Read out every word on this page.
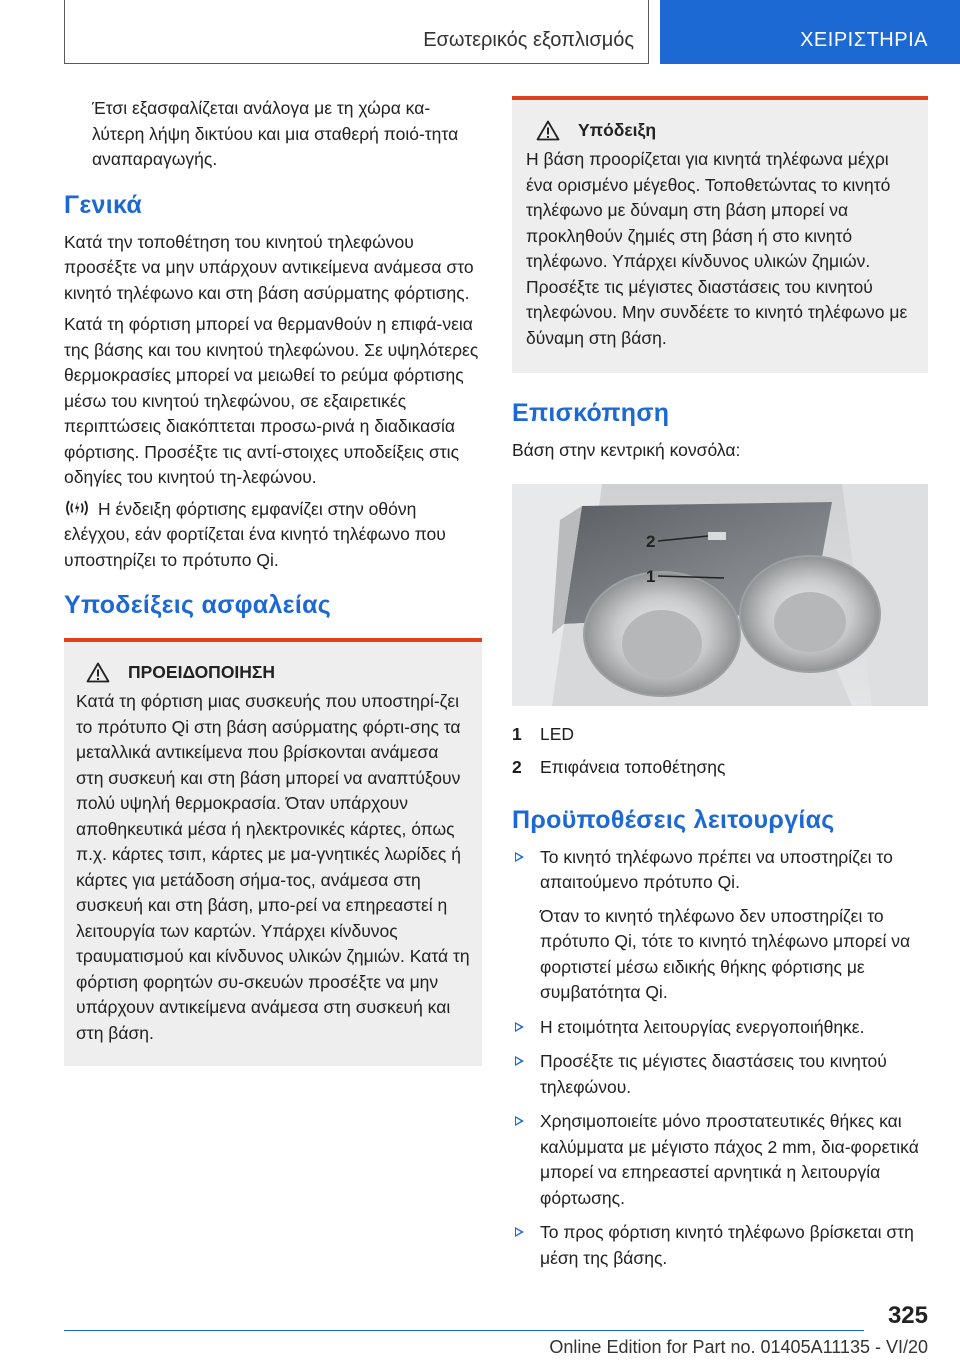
Εσωτερικός εξοπλισμός	ΧΕΙΡΙΣΤΗΡΙΑ

Έτσι εξασφαλίζεται ανάλογα με τη χώρα κα-λύτερη λήψη δικτύου και μια σταθερή ποιό-τητα αναπαραγωγής.

Γενικά

Κατά την τοποθέτηση του κινητού τηλεφώνου προσέξτε να μην υπάρχουν αντικείμενα ανάμεσα στο κινητό τηλέφωνο και στη βάση ασύρματης φόρτισης.

Κατά τη φόρτιση μπορεί να θερμανθούν η επιφά-νεια της βάσης και του κινητού τηλεφώνου. Σε υψηλότερες θερμοκρασίες μπορεί να μειωθεί το ρεύμα φόρτισης μέσω του κινητού τηλεφώνου, σε εξαιρετικές περιπτώσεις διακόπτεται προσω-ρινά η διαδικασία φόρτισης. Προσέξτε τις αντί-στοιχες υποδείξεις στις οδηγίες του κινητού τη-λεφώνου.

Η ένδειξη φόρτισης εμφανίζει στην οθόνη ελέγχου, εάν φορτίζεται ένα κινητό τηλέφωνο που υποστηρίζει το πρότυπο Qi.

Υποδείξεις ασφαλείας
ΠΡΟΕΙΔΟΠΟΙΗΣΗ

Κατά τη φόρτιση μιας συσκευής που υποστηρί-ζει το πρότυπο Qi στη βάση ασύρματης φόρτι-σης τα μεταλλικά αντικείμενα που βρίσκονται ανάμεσα στη συσκευή και στη βάση μπορεί να αναπτύξουν πολύ υψηλή θερμοκρασία. Όταν υπάρχουν αποθηκευτικά μέσα ή ηλεκτρονικές κάρτες, όπως π.χ. κάρτες τσιπ, κάρτες με μα-γνητικές λωρίδες ή κάρτες για μετάδοση σήμα-τος, ανάμεσα στη συσκευή και στη βάση, μπο-ρεί να επηρεαστεί η λειτουργία των καρτών. Υπάρχει κίνδυνος τραυματισμού και κίνδυνος υλικών ζημιών. Κατά τη φόρτιση φορητών συ-σκευών προσέξτε να μην υπάρχουν αντικείμενα ανάμεσα στη συσκευή και στη βάση.

Υπόδειξη

Η βάση προορίζεται για κινητά τηλέφωνα μέχρι ένα ορισμένο μέγεθος. Τοποθετώντας το κινητό τηλέφωνο με δύναμη στη βάση μπορεί να προκληθούν ζημιές στη βάση ή στο κινητό τηλέφωνο. Υπάρχει κίνδυνος υλικών ζημιών. Προσέξτε τις μέγιστες διαστάσεις του κινητού τηλεφώνου. Μην συνδέετε το κινητό τηλέφωνο με δύναμη στη βάση.

Επισκόπηση

Βάση στην κεντρική κονσόλα:

2
1
1	LED
2	Επιφάνεια τοποθέτησης
Προϋποθέσεις λειτουργίας

Το κινητό τηλέφωνο πρέπει να υποστηρίζει το απαιτούμενο πρότυπο Qi.

Όταν το κινητό τηλέφωνο δεν υποστηρίζει το πρότυπο Qi, τότε το κινητό τηλέφωνο μπορεί να φορτιστεί μέσω ειδικής θήκης φόρτισης με συμβατότητα Qi.

Η ετοιμότητα λειτουργίας ενεργοποιήθηκε.

Προσέξτε τις μέγιστες διαστάσεις του κινητού τηλεφώνου.

Χρησιμοποιείτε μόνο προστατευτικές θήκες και καλύμματα με μέγιστο πάχος 2 mm, δια-φορετικά μπορεί να επηρεαστεί αρνητικά η λειτουργία φόρτωσης.

Το προς φόρτιση κινητό τηλέφωνο βρίσκεται στη μέση της βάσης.

325
Online Edition for Part no. 01405A11135 - VI/20
